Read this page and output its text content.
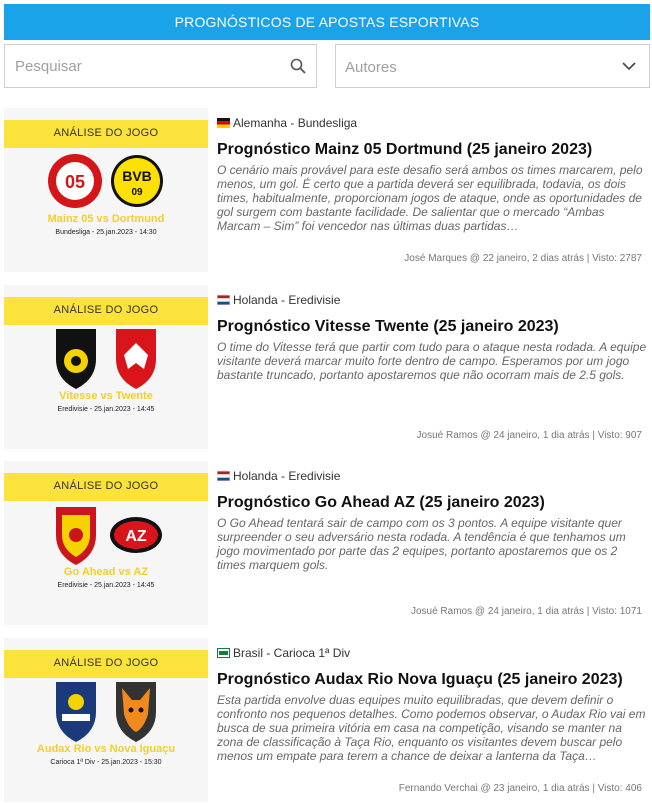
PROGNÓSTICOS DE APOSTAS ESPORTIVAS
Pesquisar
Autores
ANÁLISE DO JOGO
05	BVB
09
Mainz 05 vs Dortmund
Bundesliga - 25.jan.2023 - 14:30
Alemanha - Bundesliga
Prognóstico Mainz 05 Dortmund (25 janeiro 2023)
O cenário mais provável para este desafio será ambos os times marcarem, pelo menos, um gol. É certo que a partida deverá ser equilibrada, todavia, os dois times, habitualmente, proporcionam jogos de ataque, onde as oportunidades de gol surgem com bastante facilidade. De salientar que o mercado “Ambas Marcam – Sim” foi vencedor nas últimas duas partidas…
José Marques @ 22 janeiro, 2 dias atrás | Visto: 2787
ANÁLISE DO JOGO
Vitesse vs Twente
Eredivisie - 25.jan.2023 - 14:45
Holanda - Eredivisie
Prognóstico Vitesse Twente (25 janeiro 2023)
O time do Vitesse terá que partir com tudo para o ataque nesta rodada. A equipe visitante deverá marcar muito forte dentro de campo. Esperamos por um jogo bastante truncado, portanto apostaremos que não ocorram mais de 2.5 gols.
Josué Ramos @ 24 janeiro, 1 dia atrás | Visto: 907
ANÁLISE DO JOGO
AZ
Go Ahead vs AZ
Eredivisie - 25.jan.2023 - 14:45
Holanda - Eredivisie
Prognóstico Go Ahead AZ (25 janeiro 2023)
O Go Ahead tentará sair de campo com os 3 pontos. A equipe visitante quer surpreender o seu adversário nesta rodada. A tendência é que tenhamos um jogo movimentado por parte das 2 equipes, portanto apostaremos que os 2 times marquem gols.
Josué Ramos @ 24 janeiro, 1 dia atrás | Visto: 1071
ANÁLISE DO JOGO
Audax Rio vs Nova Iguaçu
Carioca 1ª Div - 25.jan.2023 - 15:30
Brasil - Carioca 1ª Div
Prognóstico Audax Rio Nova Iguaçu (25 janeiro 2023)
Esta partida envolve duas equipes muito equilibradas, que devem definir o confronto nos pequenos detalhes. Como podemos observar, o Audax Rio vai em busca de sua primeira vitória em casa na competição, visando se manter na zona de classificação à Taça Rio, enquanto os visitantes devem buscar pelo menos um empate para terem a chance de deixar a lanterna da Taça…
Fernando Verchai @ 23 janeiro, 1 dia atrás | Visto: 406
